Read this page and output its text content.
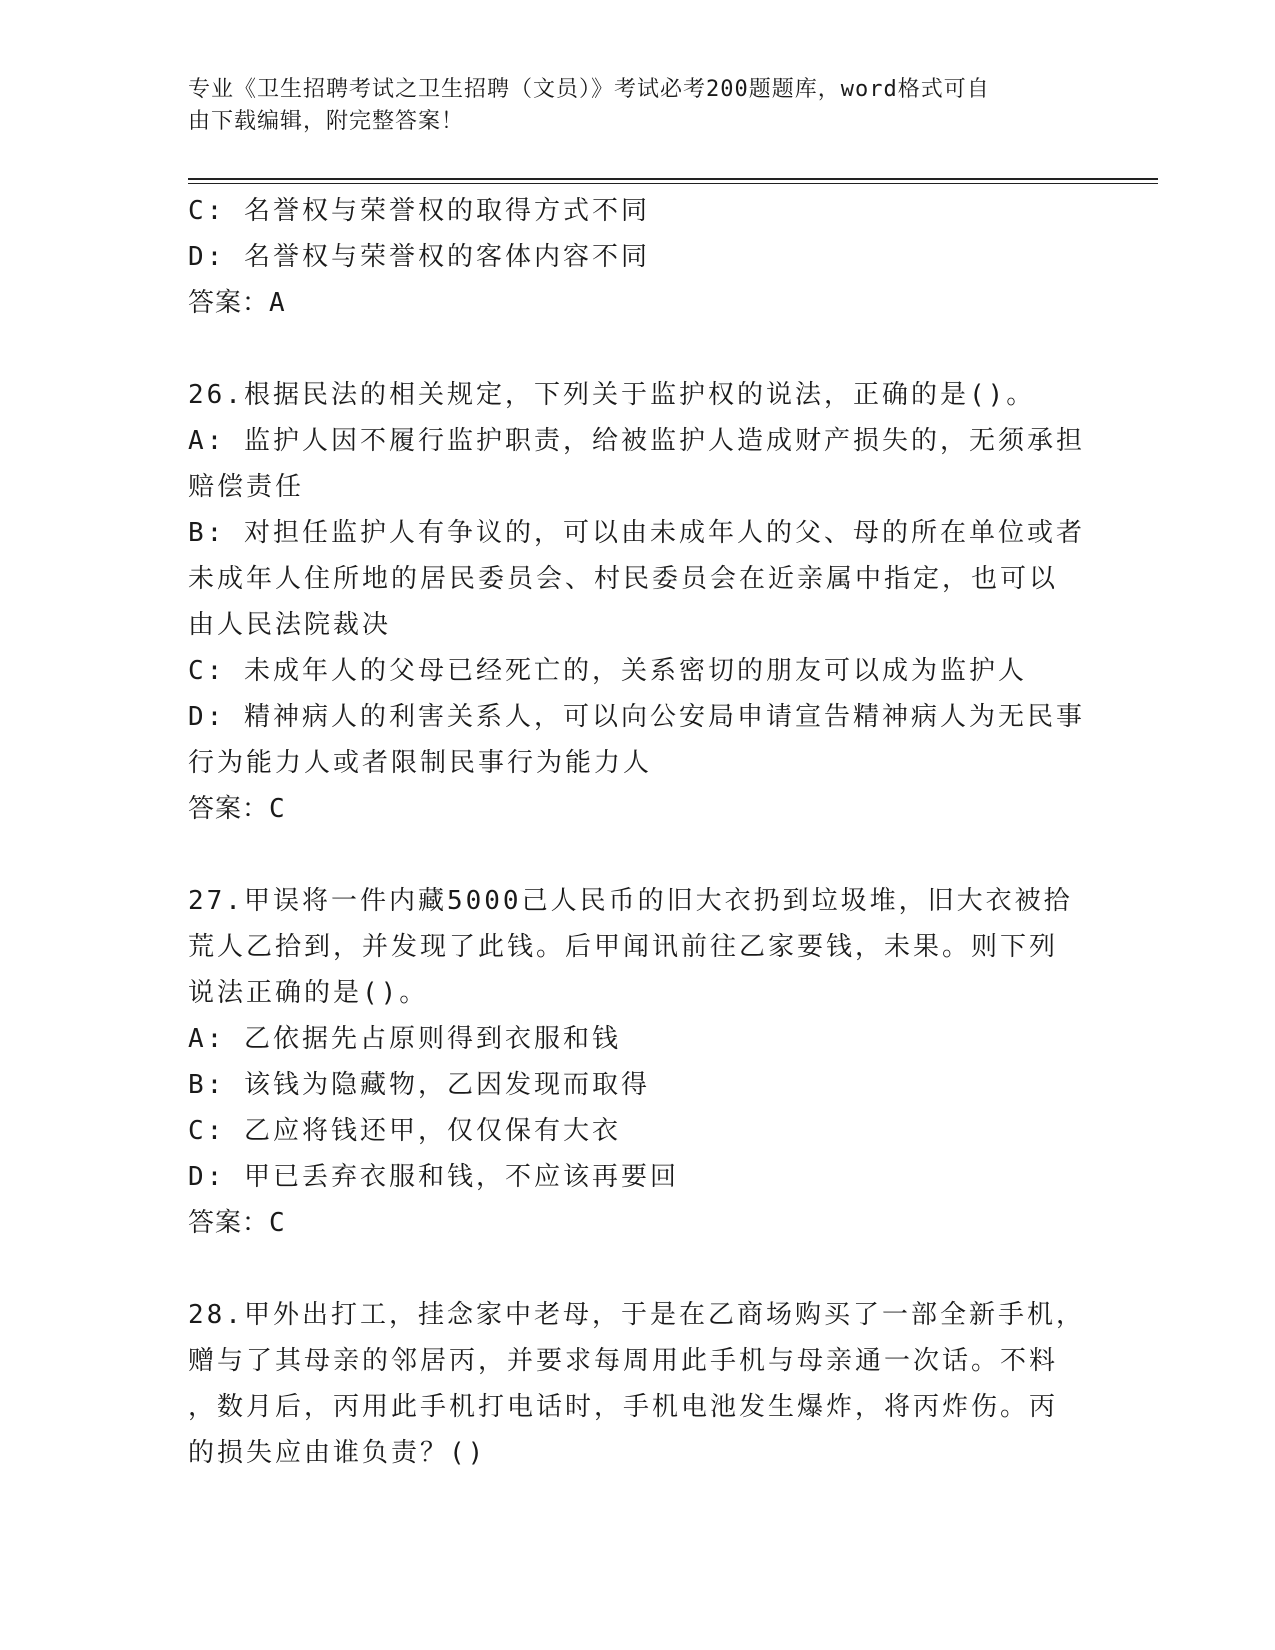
专业《卫生招聘考试之卫生招聘（文员）》考试必考200题题库，word格式可自
由下载编辑，附完整答案！
C: 名誉权与荣誉权的取得方式不同
D: 名誉权与荣誉权的客体内容不同
答案：A
26.根据民法的相关规定，下列关于监护权的说法，正确的是()。
A: 监护人因不履行监护职责，给被监护人造成财产损失的，无须承担
赔偿责任
B: 对担任监护人有争议的，可以由未成年人的父、母的所在单位或者
未成年人住所地的居民委员会、村民委员会在近亲属中指定，也可以
由人民法院裁决
C: 未成年人的父母已经死亡的，关系密切的朋友可以成为监护人
D: 精神病人的利害关系人，可以向公安局申请宣告精神病人为无民事
行为能力人或者限制民事行为能力人
答案：C
27.甲误将一件内藏5000己人民币的旧大衣扔到垃圾堆，旧大衣被拾
荒人乙拾到，并发现了此钱。后甲闻讯前往乙家要钱，未果。则下列
说法正确的是()。
A: 乙依据先占原则得到衣服和钱
B: 该钱为隐藏物，乙因发现而取得
C: 乙应将钱还甲，仅仅保有大衣
D: 甲已丢弃衣服和钱，不应该再要回
答案：C
28.甲外出打工，挂念家中老母，于是在乙商场购买了一部全新手机，
赠与了其母亲的邻居丙，并要求每周用此手机与母亲通一次话。不料
，数月后，丙用此手机打电话时，手机电池发生爆炸，将丙炸伤。丙
的损失应由谁负责？()
